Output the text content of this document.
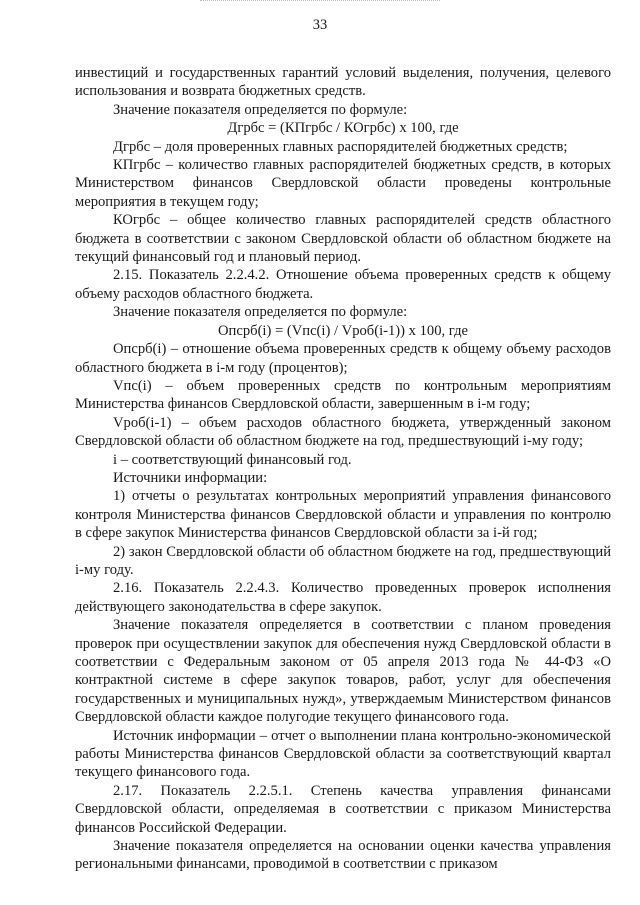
33

инвестиций и государственных гарантий условий выделения, получения, целевого использования и возврата бюджетных средств.

Значение показателя определяется по формуле:

Дгрбс = (КПгрбс / КОгрбс) х 100, где

Дгрбс – доля проверенных главных распорядителей бюджетных средств;

КПгрбс – количество главных распорядителей бюджетных средств, в которых Министерством финансов Свердловской области проведены контрольные мероприятия в текущем году;

КОгрбс – общее количество главных распорядителей средств областного бюджета в соответствии с законом Свердловской области об областном бюджете на текущий финансовый год и плановый период.

2.15. Показатель 2.2.4.2. Отношение объема проверенных средств к общему объему расходов областного бюджета.

Значение показателя определяется по формуле:

Опсрб(i) = (Vпс(i) / Vроб(i-1)) х 100, где

Опсрб(i) – отношение объема проверенных средств к общему объему расходов областного бюджета в i-м году (процентов);

Vпс(i) – объем проверенных средств по контрольным мероприятиям Министерства финансов Свердловской области, завершенным в i-м году;

Vроб(i-1) – объем расходов областного бюджета, утвержденный законом Свердловской области об областном бюджете на год, предшествующий i-му году;

i – соответствующий финансовый год.

Источники информации:

1) отчеты о результатах контрольных мероприятий управления финансового контроля Министерства финансов Свердловской области и управления по контролю в сфере закупок Министерства финансов Свердловской области за i-й год;

2) закон Свердловской области об областном бюджете на год, предшествующий i-му году.

2.16. Показатель 2.2.4.3. Количество проведенных проверок исполнения действующего законодательства в сфере закупок.

Значение показателя определяется в соответствии с планом проведения проверок при осуществлении закупок для обеспечения нужд Свердловской области в соответствии с Федеральным законом от 05 апреля 2013 года № 44-ФЗ «О контрактной системе в сфере закупок товаров, работ, услуг для обеспечения государственных и муниципальных нужд», утверждаемым Министерством финансов Свердловской области каждое полугодие текущего финансового года.

Источник информации – отчет о выполнении плана контрольно-экономической работы Министерства финансов Свердловской области за соответствующий квартал текущего финансового года.

2.17. Показатель 2.2.5.1. Степень качества управления финансами Свердловской области, определяемая в соответствии с приказом Министерства финансов Российской Федерации.

Значение показателя определяется на основании оценки качества управления региональными финансами, проводимой в соответствии с приказом
